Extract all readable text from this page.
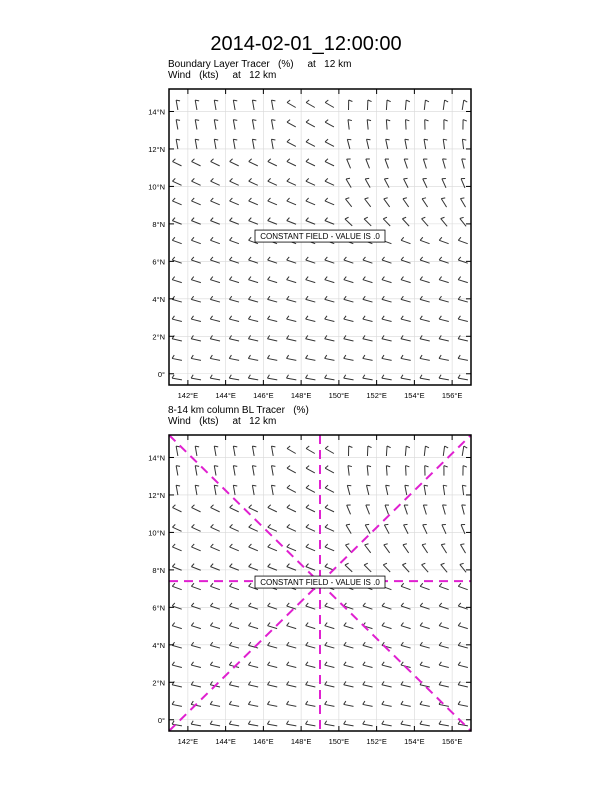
2014-02-01_12:00:00
Boundary Layer Tracer   (%)     at   12 km
Wind   (kts)     at   12 km
0°
2°N
4°N
6°N
8°N
10°N
12°N
14°N
142°E 144°E 146°E 148°E 150°E 152°E 154°E 156°E
CONSTANT FIELD - VALUE IS .0
8-14 km column BL Tracer   (%)
Wind   (kts)     at   12 km
0°
2°N
4°N
6°N
8°N
10°N
12°N
14°N
142°E 144°E 146°E 148°E 150°E 152°E 154°E 156°E
CONSTANT FIELD - VALUE IS .0
